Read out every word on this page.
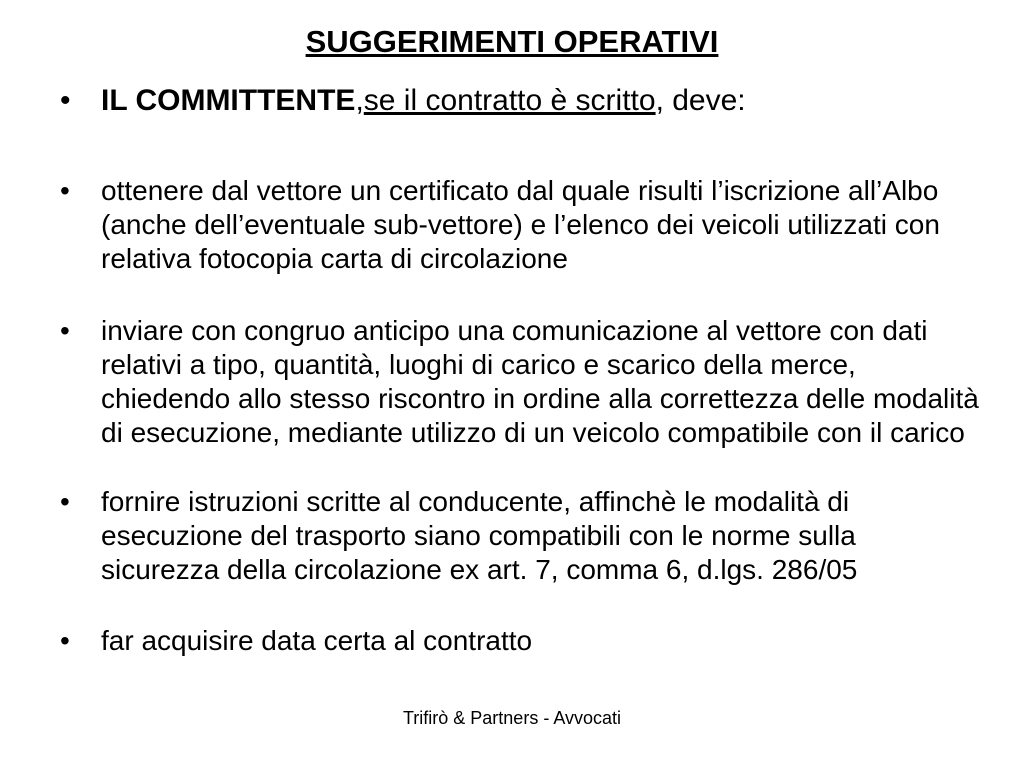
SUGGERIMENTI OPERATIVI
•	IL COMMITTENTE,se il contratto è scritto, deve:
•	ottenere dal vettore un certificato dal quale risulti l’iscrizione all’Albo (anche dell’eventuale sub-vettore) e l’elenco dei veicoli utilizzati con relativa fotocopia carta di circolazione
•	inviare con congruo anticipo una comunicazione al vettore con dati relativi a tipo, quantità, luoghi di carico e scarico della merce, chiedendo allo stesso riscontro in ordine alla correttezza delle modalità di esecuzione, mediante utilizzo di un veicolo compatibile con il carico
•	fornire istruzioni scritte al conducente, affinchè le modalità di esecuzione del trasporto siano compatibili con le norme sulla sicurezza della circolazione ex art. 7, comma 6, d.lgs. 286/05
•	far acquisire data certa al contratto
Trifirò & Partners - Avvocati
